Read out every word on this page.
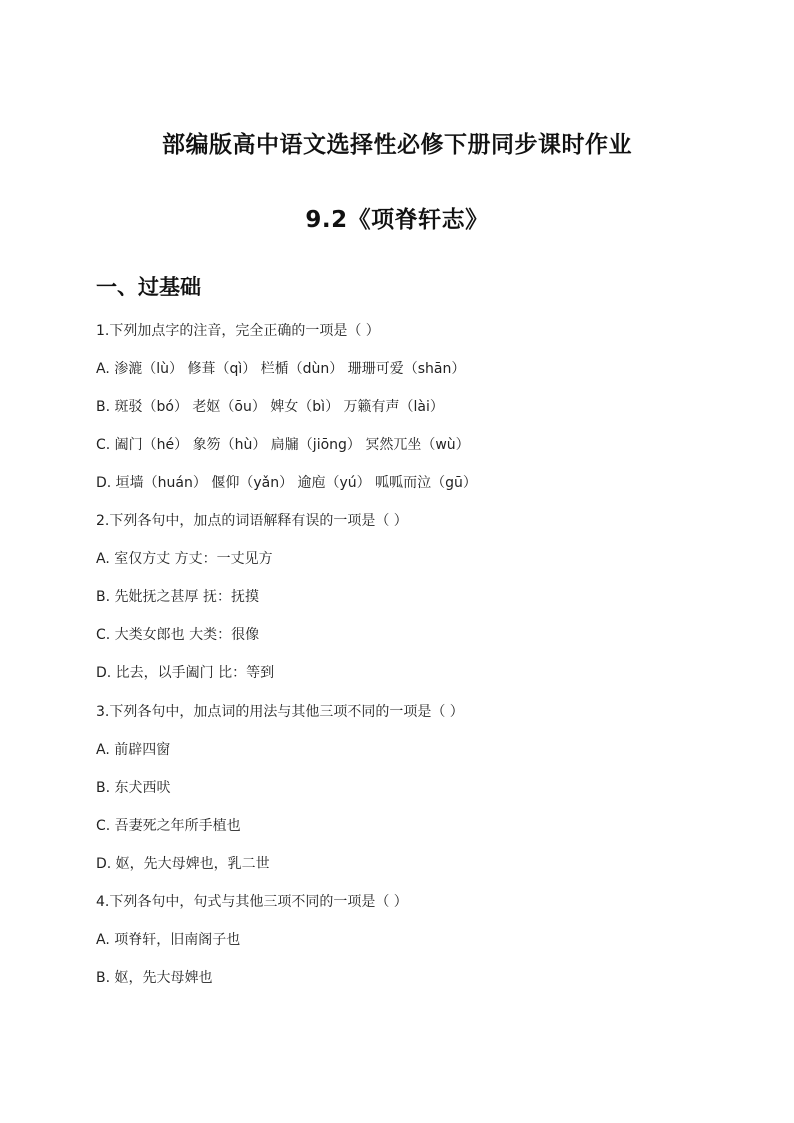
部编版高中语文选择性必修下册同步课时作业
9.2《项脊轩志》
一、过基础
1.下列加点字的注音，完全正确的一项是（ ）
A. 渗漉（lù） 修葺（qì） 栏楯（dùn） 珊珊可爱（shān）
B. 斑驳（bó） 老妪（ōu） 婢女（bì） 万籁有声（lài）
C. 阖门（hé） 象笏（hù） 扃牖（jiōng） 冥然兀坐（wù）
D. 垣墙（huán） 偃仰（yǎn） 逾庖（yú） 呱呱而泣（gū）
2.下列各句中，加点的词语解释有误的一项是（ ）
A. 室仅方丈 方丈：一丈见方
B. 先妣抚之甚厚 抚：抚摸
C. 大类女郎也 大类：很像
D. 比去，以手阖门 比：等到
3.下列各句中，加点词的用法与其他三项不同的一项是（ ）
A. 前辟四窗
B. 东犬西吠
C. 吾妻死之年所手植也
D. 妪，先大母婢也，乳二世
4.下列各句中，句式与其他三项不同的一项是（ ）
A. 项脊轩，旧南阁子也
B. 妪，先大母婢也
